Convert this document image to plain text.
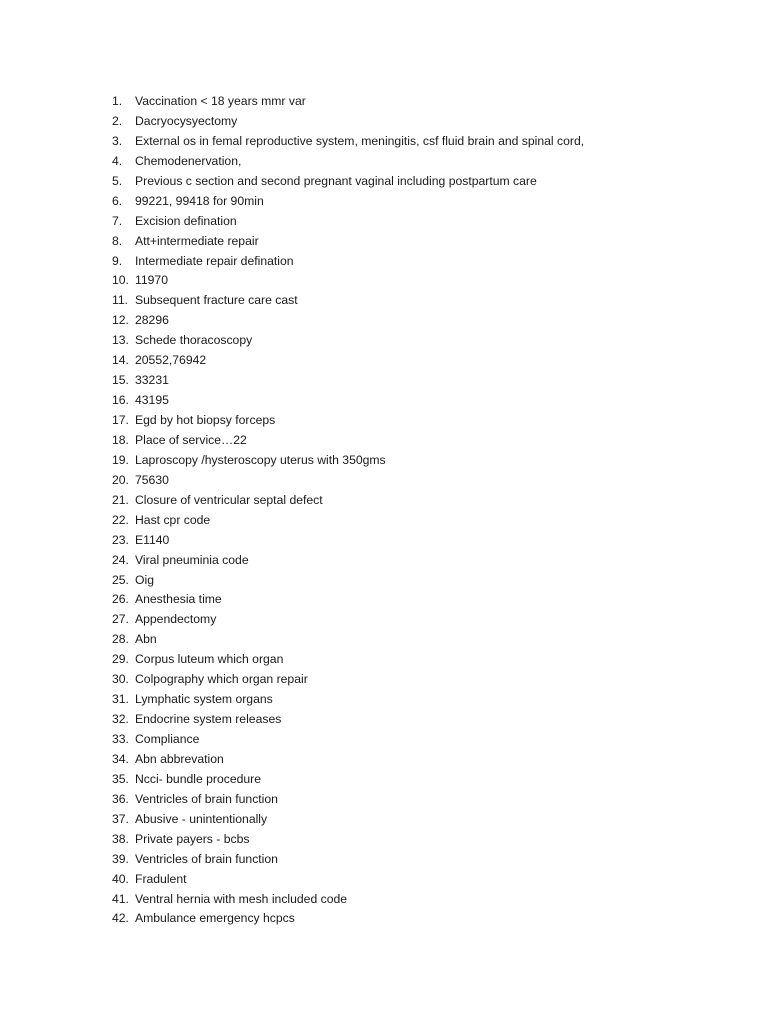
1.	Vaccination < 18 years mmr var
2.	Dacryocysyectomy
3.	External os in femal reproductive system, meningitis, csf fluid brain and spinal cord,
4.	Chemodenervation,
5.	Previous c section and second pregnant vaginal including postpartum care
6.	99221, 99418 for 90min
7.	Excision defination
8.	Att+intermediate repair
9.	Intermediate repair defination
10. 11970
11. Subsequent fracture care cast
12. 28296
13. Schede thoracoscopy
14. 20552,76942
15. 33231
16. 43195
17. Egd by hot biopsy forceps
18. Place of service…22
19. Laproscopy /hysteroscopy uterus with 350gms
20. 75630
21. Closure of ventricular septal defect
22. Hast cpr code
23. E1140
24. Viral pneuminia code
25. Oig
26. Anesthesia time
27. Appendectomy
28. Abn
29. Corpus luteum which organ
30. Colpography which organ repair
31. Lymphatic system organs
32. Endocrine system releases
33. Compliance
34. Abn abbrevation
35. Ncci- bundle procedure
36. Ventricles of brain function
37. Abusive - unintentionally
38. Private payers - bcbs
39. Ventricles of brain function
40. Fradulent
41. Ventral hernia with mesh included code
42. Ambulance emergency hcpcs
